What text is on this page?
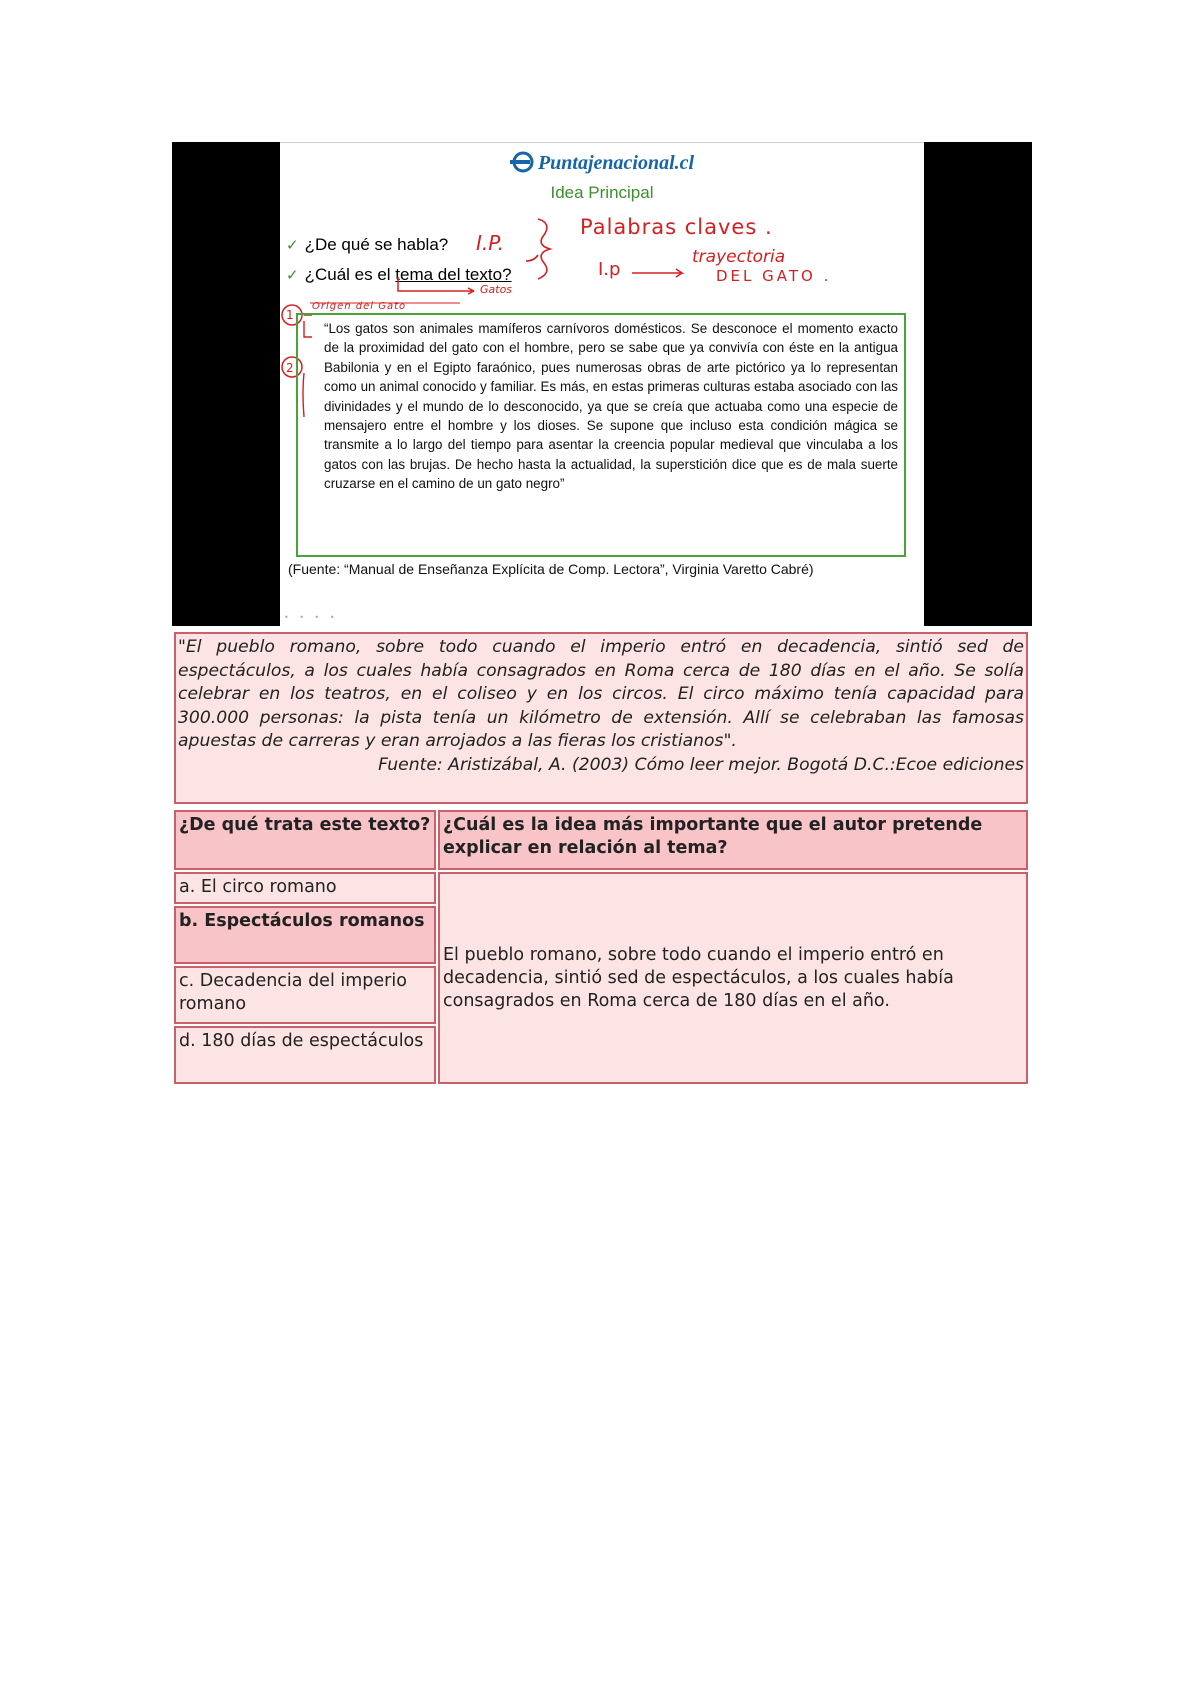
Puntajenacional.cl
Idea Principal
✓ ¿De qué se habla?
✓ ¿Cuál es el tema del texto?
I.P.
Palabras claves .
I.p
trayectoria
DEL GATO .
Gatos
Origen del Gato
1
2
“Los gatos son animales mamíferos carnívoros domésticos. Se desconoce el momento exacto de la proximidad del gato con el hombre, pero se sabe que ya convivía con éste en la antigua Babilonia y en el Egipto faraónico, pues numerosas obras de arte pictórico ya lo representan como un animal conocido y familiar. Es más, en estas primeras culturas estaba asociado con las divinidades y el mundo de lo desconocido, ya que se creía que actuaba como una especie de mensajero entre el hombre y los dioses. Se supone que incluso esta condición mágica se transmite a lo largo del tiempo para asentar la creencia popular medieval que vinculaba a los gatos con las brujas. De hecho hasta la actualidad, la superstición dice que es de mala suerte cruzarse en el camino de un gato negro”
(Fuente: “Manual de Enseñanza Explícita de Comp. Lectora”, Virginia Varetto Cabré)
• • • •
"El pueblo romano, sobre todo cuando el imperio entró en decadencia, sintió sed de espectáculos, a los cuales había consagrados en Roma cerca de 180 días en el año. Se solía celebrar en los teatros, en el coliseo y en los circos. El circo máximo tenía capacidad para 300.000 personas: la pista tenía un kilómetro de extensión. Allí se celebraban las famosas apuestas de carreras y eran arrojados a las fieras los cristianos".
Fuente: Aristizábal, A. (2003) Cómo leer mejor. Bogotá D.C.:Ecoe ediciones
¿De qué trata este texto? ¿Cuál es la idea más importante que el autor pretende explicar en relación al tema?
a. El circo romano
b. Espectáculos romanos
c. Decadencia del imperio romano
d. 180 días de espectáculos
El pueblo romano, sobre todo cuando el imperio entró en decadencia, sintió sed de espectáculos, a los cuales había consagrados en Roma cerca de 180 días en el año.
